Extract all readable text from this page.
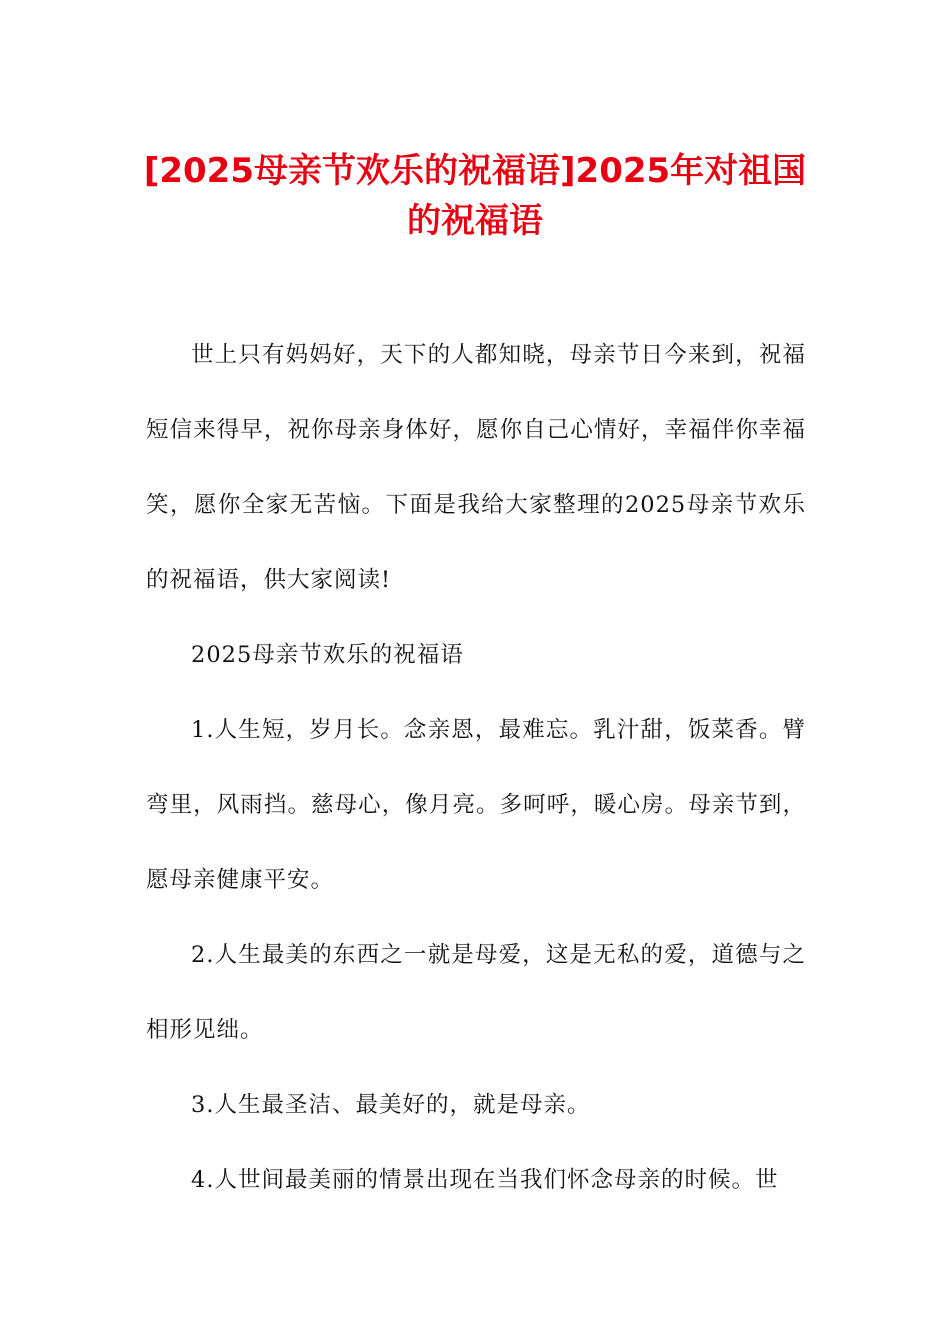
[2025母亲节欢乐的祝福语]2025年对祖国的祝福语

世上只有妈妈好，天下的人都知晓，母亲节日今来到，祝福短信来得早，祝你母亲身体好，愿你自己心情好，幸福伴你幸福笑，愿你全家无苦恼。下面是我给大家整理的2025母亲节欢乐的祝福语，供大家阅读!

2025母亲节欢乐的祝福语

1.人生短，岁月长。念亲恩，最难忘。乳汁甜，饭菜香。臂弯里，风雨挡。慈母心，像月亮。多呵呼，暖心房。母亲节到，愿母亲健康平安。

2.人生最美的东西之一就是母爱，这是无私的爱，道德与之相形见绌。

3.人生最圣洁、最美好的，就是母亲。

4.人世间最美丽的情景出现在当我们怀念母亲的时候。世
